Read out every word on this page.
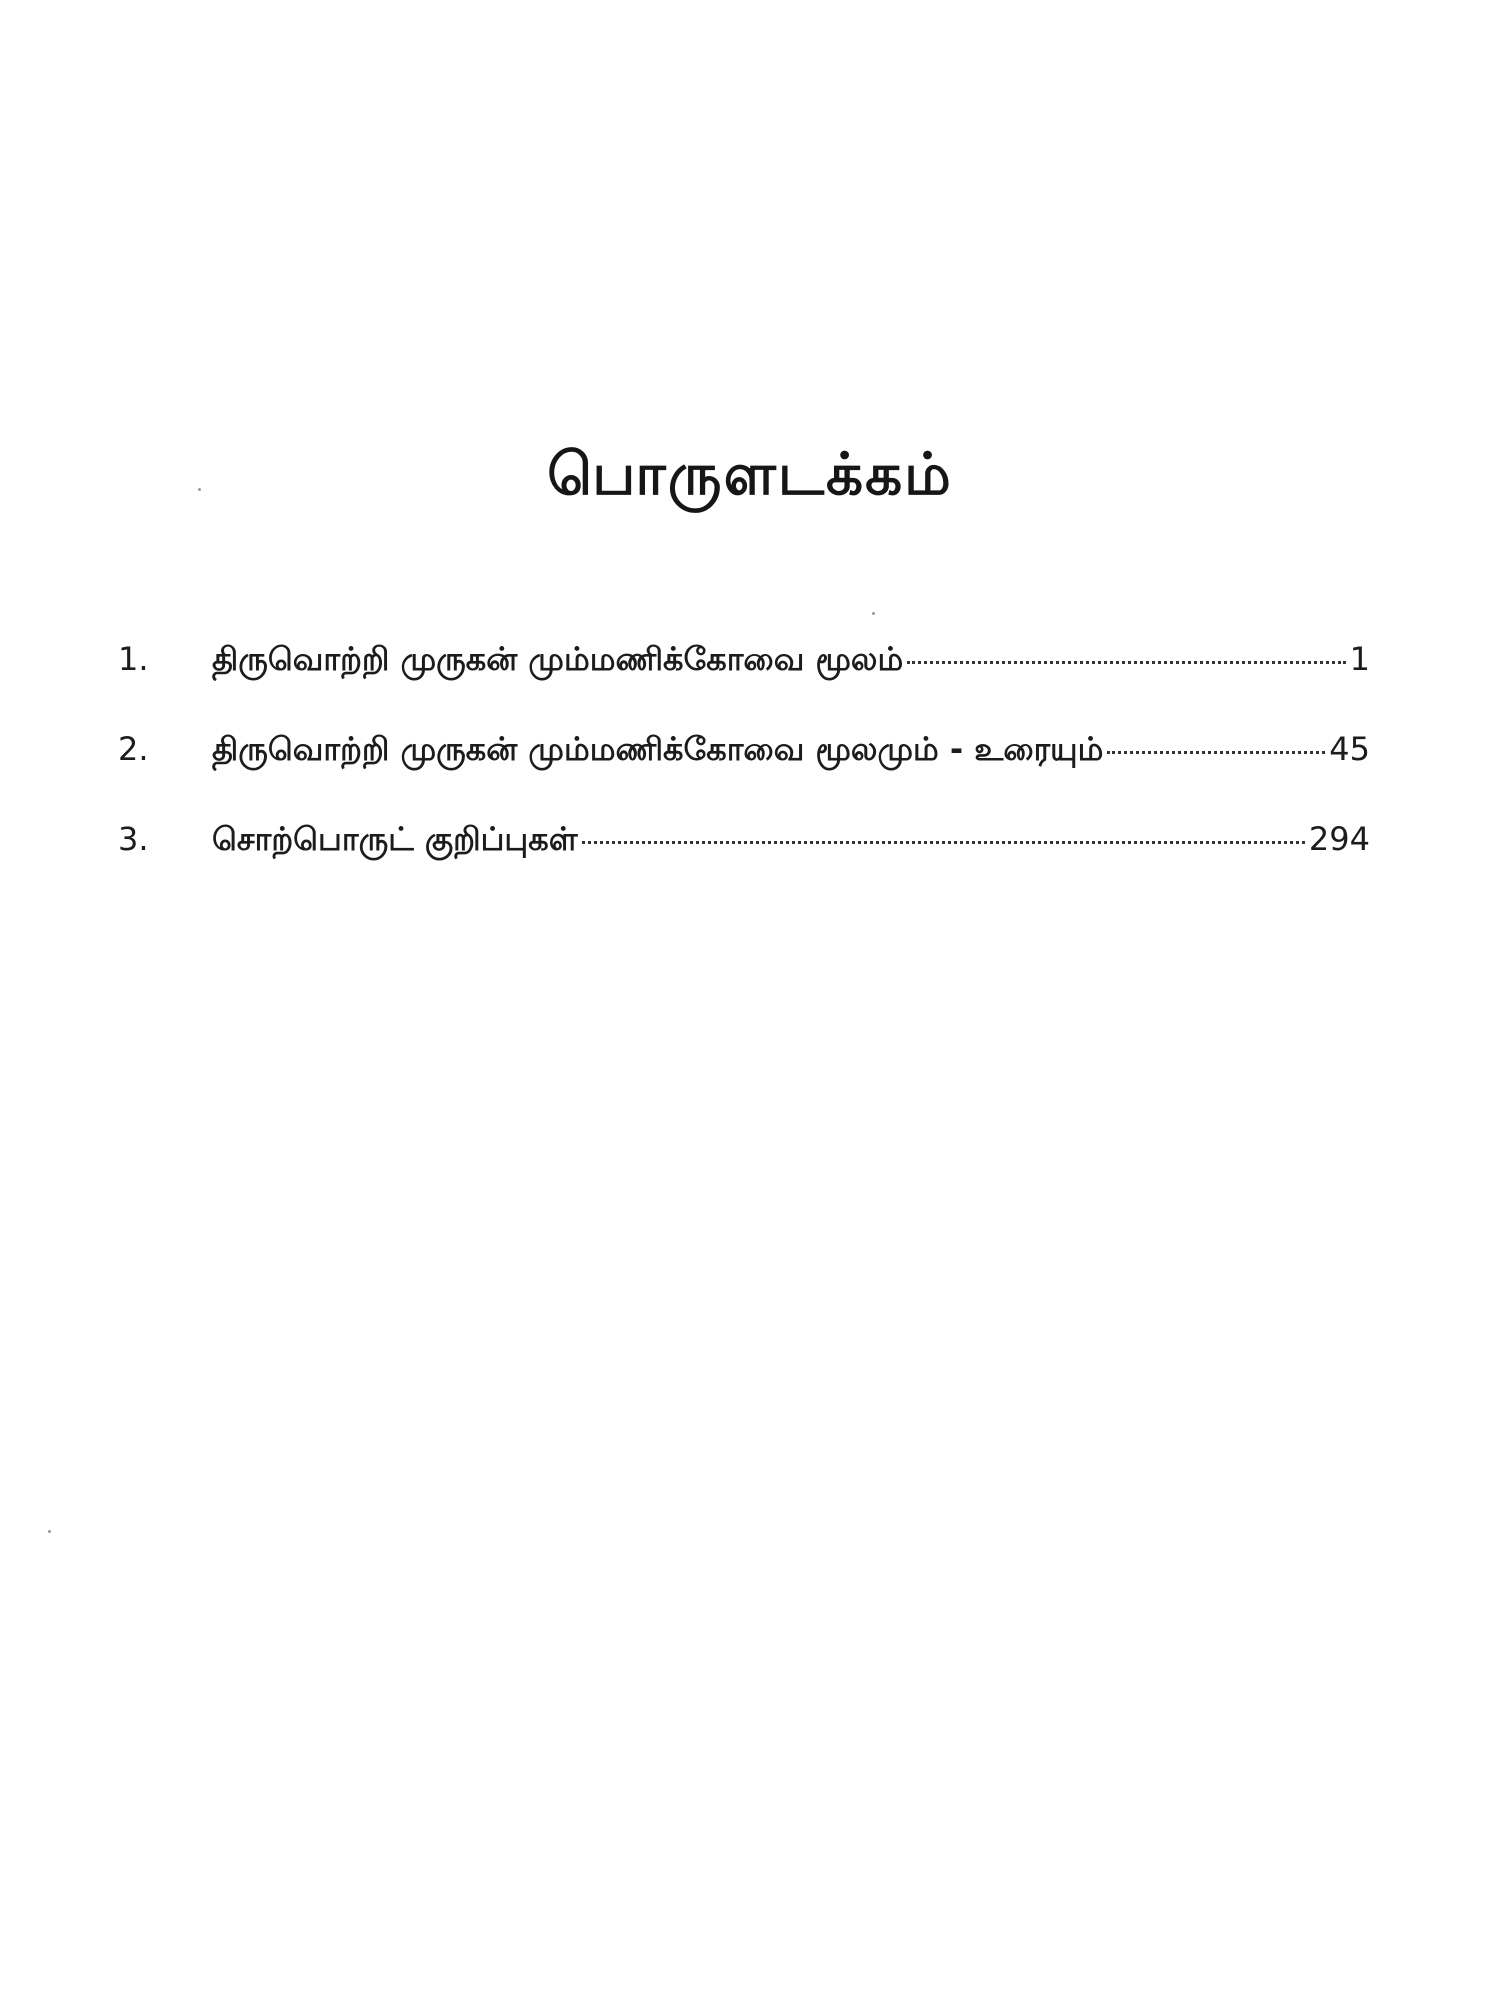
பொருளடக்கம்
1.	திருவொற்றி முருகன் மும்மணிக்கோவை மூலம்	1
2.	திருவொற்றி முருகன் மும்மணிக்கோவை மூலமும் - உரையும்	45
3.	சொற்பொருட் குறிப்புகள்	294
